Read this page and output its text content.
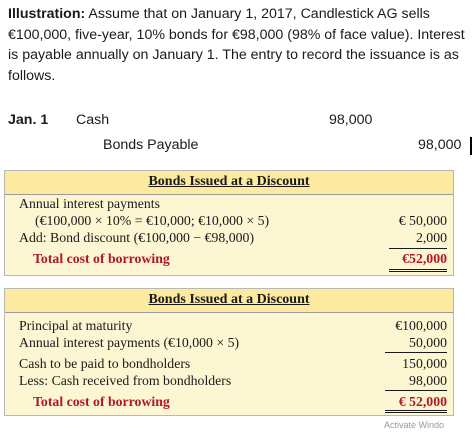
Illustration: Assume that on January 1, 2017, Candlestick AG sells €100,000, five-year, 10% bonds for €98,000 (98% of face value). Interest is payable annually on January 1. The entry to record the issuance is as follows.
Jan. 1 Cash	98,000
Bonds Payable	98,000
Bonds Issued at a Discount
Annual interest payments
(€100,000 × 10% = €10,000; €10,000 × 5)	€ 50,000
Add: Bond discount (€100,000 − €98,000)	2,000
Total cost of borrowing	€52,000
Bonds Issued at a Discount
Principal at maturity	€100,000
Annual interest payments (€10,000 × 5)	50,000
Cash to be paid to bondholders	150,000
Less: Cash received from bondholders	98,000
Total cost of borrowing	€ 52,000
Activate Windo
